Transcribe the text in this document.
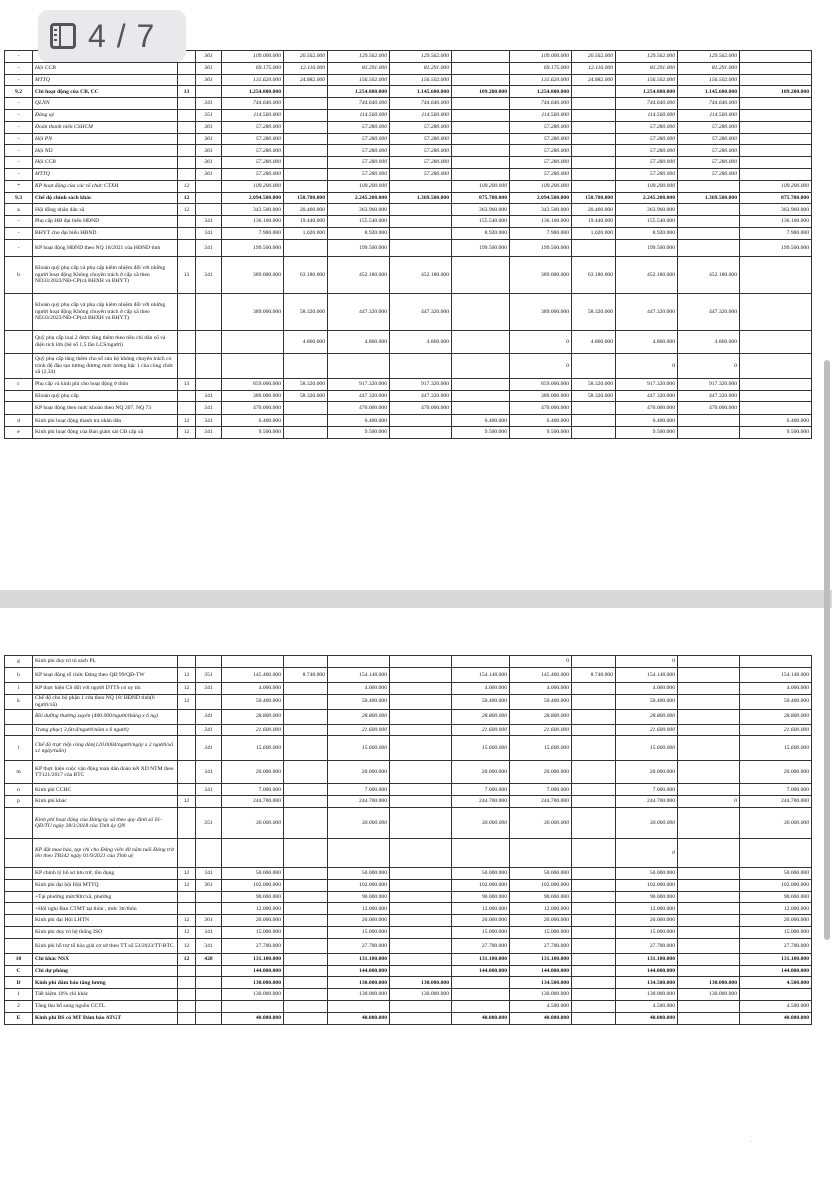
4 / 7
-			361	109.000.000	20.562.000	129.562.000	129.562.000		109.000.000	20.562.000	129.562.000	129.562.000	
-	Hội CCB		361	69.175.000	12.116.000	81.291.000	81.291.000		69.175.000	12.116.000	81.291.000	81.291.000	
-	MTTQ		361	131.620.000	24.882.000	156.502.000	156.502.000		131.620.000	24.882.000	156.502.000	156.502.000	
9.2	Chi hoạt động của CB, CC	13		1.254.800.000		1.254.800.000	1.145.600.000	109.200.000	1.254.800.000		1.254.800.000	1.145.600.000	109.200.000
-	QLNN		341	744.640.000		744.640.000	744.640.000		744.640.000		744.640.000	744.640.000	
-	Đảng uỷ		351	114.560.000		114.560.000	114.560.000		114.560.000		114.560.000	114.560.000	
-	Đoàn thanh niên CSHCM		361	57.280.000		57.280.000	57.280.000		57.280.000		57.280.000	57.280.000	
-	Hội PN		361	57.280.000		57.280.000	57.280.000		57.280.000		57.280.000	57.280.000	
-	Hội ND		361	57.280.000		57.280.000	57.280.000		57.280.000		57.280.000	57.280.000	
-	Hội CCB		361	57.280.000		57.280.000	57.280.000		57.280.000		57.280.000	57.280.000	
-	MTTQ		361	57.280.000		57.280.000	57.280.000		57.280.000		57.280.000	57.280.000	
*	KP hoạt động của các tổ chức CTXH	12		109.200.000		109.200.000		109.200.000	109.200.000		109.200.000		109.200.000
9.3	Chế độ chính sách khác	12		2.094.500.000	150.708.000	2.245.208.000	1.369.500.000	875.708.000	2.094.500.000	150.708.000	2.245.208.000	1.369.500.000	875.708.000
a	Hội đồng nhân dân xã	12		343.500.000	20.460.000	363.960.000		363.960.000	343.500.000	20.460.000	363.960.000		363.960.000
-	Phụ cấp HĐ đại biểu HĐND		341	136.100.000	19.440.000	155.540.000		155.540.000	136.100.000	19.440.000	155.540.000		136.100.000
-	BHYT cho đại biểu HĐND		341	7.900.000	1.020.000	8.920.000		8.920.000	7.900.000	1.020.000	8.920.000		7.900.000
-	KP hoạt động HĐND theo NQ 18/2021 của HĐND tỉnh		341	199.500.000		199.500.000		199.500.000	199.500.000		199.500.000		199.500.000
b	Khoản quỹ phụ cấp và phụ cấp kiêm nhiệm đối với những người hoạt động Không chuyên trách ở cấp xã theo ND33/2023/NĐ-CP(cả BHXH và BHYT)	13	341	389.000.000	63.180.000	452.180.000	452.180.000		389.000.000	63.180.000	452.180.000	452.180.000	
	Khoản quỹ phụ cấp và phụ cấp kiêm nhiệm đối với những người hoạt động Không chuyên trách ở cấp xã theo ND33/2023/NĐ-CP(cả BHXH và BHYT)			389.000.000	58.320.000	447.320.000	447.320.000		389.000.000	58.320.000	447.320.000	447.320.000	
	Quỹ phụ cấp loại 2 được tăng thêm theo tiêu chí dân số và diện tích lớn (hệ số 1,5 lần LCS/người)				4.860.000	4.860.000	4.860.000		0	4.860.000	4.860.000	4.860.000	
	Quỹ phụ cấp tăng thêm cho số cán bộ không chuyên trách có trình độ đào tạo tương đương mức lương bậc 1 của công chức xã (2,34)								0		0	0	
c	Phụ cấp và kinh phí cho hoạt động ở thôn	13		859.000.000	58.320.000	917.320.000	917.320.000		859.000.000	58.320.000	917.320.000	917.320.000	
	Khoản quỹ phụ cấp		341	389.000.000	58.320.000	447.320.000	447.320.000		389.000.000	58.320.000	447.320.000	447.320.000	
	KP hoạt động theo mức khoán theo NQ 207, NQ 73		341	470.000.000		470.000.000	470.000.000		470.000.000		470.000.000	470.000.000	
d	Kinh phí hoạt động thanh tra nhân dân	12	341	6.400.000		6.400.000		6.400.000	6.400.000		6.400.000		6.400.000
e	Kinh phí hoạt động của Ban giám sát CĐ cấp xã	12	341	9.500.000		9.500.000		9.500.000	9.500.000		9.500.000		9.500.000
g	Kinh phí duy trì tủ sách PL								0		0		
h	KP hoạt động tổ chức Đảng theo QĐ 99/QĐ-TW	12	351	145.400.000	8.748.000	154.148.000		154.148.000	145.400.000	8.748.000	154.148.000		154.148.000
i	KP thực hiện CS đối với người DTTS có uy tín	12	341	4.000.000		4.000.000		4.000.000	4.000.000		4.000.000		4.000.000
k	Chế độ cho bộ phận 1 cửa theo NQ 18/ HĐND tỉnh(6 người/xã)	12		50.400.000		50.400.000		50.400.000	50.400.000		50.400.000		50.400.000
	Bồi dưỡng thường xuyên (400.000/người/tháng x 6 ng)		341	28.800.000		28.800.000		28.800.000	28.800.000		28.800.000		28.800.000
	Trang phục( 3,6tr.đ/người/năm x 6 người)		341	21.600.000		21.600.000		21.600.000	21.600.000		21.600.000		21.600.000
l	Chế độ trực tiếp công dân(120.000đ/người/ngày x 2 người/xã x1 ngày/tuần)		341	15.600.000		15.600.000		15.600.000	15.600.000		15.600.000		15.600.000
m	KP thực hiện cuộc vận động toàn dân đoàn kết XD NTM theo TT121/2017 của BTC		341	20.000.000		20.000.000		20.000.000	20.000.000		20.000.000		20.000.000
n	Kinh phí CCHC		341	7.000.000		7.000.000		7.000.000	7.000.000		7.000.000		7.000.000
p	Kinh phí khác	12		244.700.000		244.700.000		244.700.000	244.700.000		244.700.000	0	244.700.000
	Kinh phí hoạt động của Đảng ủy xã theo quy định số 01-QĐ/TU ngày 28/3/2018 của Tỉnh ủy QN		351	30.000.000		30.000.000		30.000.000	30.000.000		30.000.000		30.000.000
	KP đặt mua báo, tạp chí cho Đảng viên 40 năm tuổi Đảng trở lên theo TB342 ngày 01/9/2021 của Tỉnh uỷ										0		
	KP chỉnh lý hồ sơ lưu trữ, tồn đọng	12	341	50.000.000		50.000.000		50.000.000	50.000.000		50.000.000		50.000.000
	Kinh phí đại hội Hội MTTQ	12	361	102.000.000		102.000.000		102.000.000	102.000.000		102.000.000		102.000.000
	+Tại phường mức90tr/xã, phường			90.000.000		90.000.000		90.000.000	90.000.000		90.000.000		90.000.000
	+Hội nghị Ban CTMT tại thôn , mức 3tr/thôn			12.000.000		12.000.000		12.000.000	12.000.000		12.000.000		12.000.000
	Kinh phí đại Hội LHTN	12	361	20.000.000		20.000.000		20.000.000	20.000.000		20.000.000		20.000.000
	Kinh phí duy trì hệ thống ISO	12	341	15.000.000		15.000.000		15.000.000	15.000.000		15.000.000		15.000.000
	Kinh phí hỗ trợ tổ hòa giải cơ sở theo TT số 53/2023/TT-BTC	12	341	27.700.000		27.700.000		27.700.000	27.700.000		27.700.000		27.700.000
10	Chi khác NSX	12	428	131.100.000		131.100.000		131.100.000	131.100.000		131.100.000		131.100.000
C	Chi dự phòng			144.000.000		144.000.000		144.000.000	144.000.000		144.000.000		144.000.000
D	Kinh phí đảm bảo tăng lương			130.000.000		130.000.000	130.000.000		134.500.000		134.500.000	130.000.000	4.500.000
1	Tiết kiệm 10% chi khác			130.000.000		130.000.000	130.000.000		130.000.000		130.000.000	130.000.000	
2	Tăng thu bổ sung nguồn CCTL								4.500.000		4.500.000		4.500.000
E	Kinh phí BS có MT Đảm bảo ATGT			40.000.000		40.000.000		40.000.000	40.000.000		40.000.000		40.000.000
.
